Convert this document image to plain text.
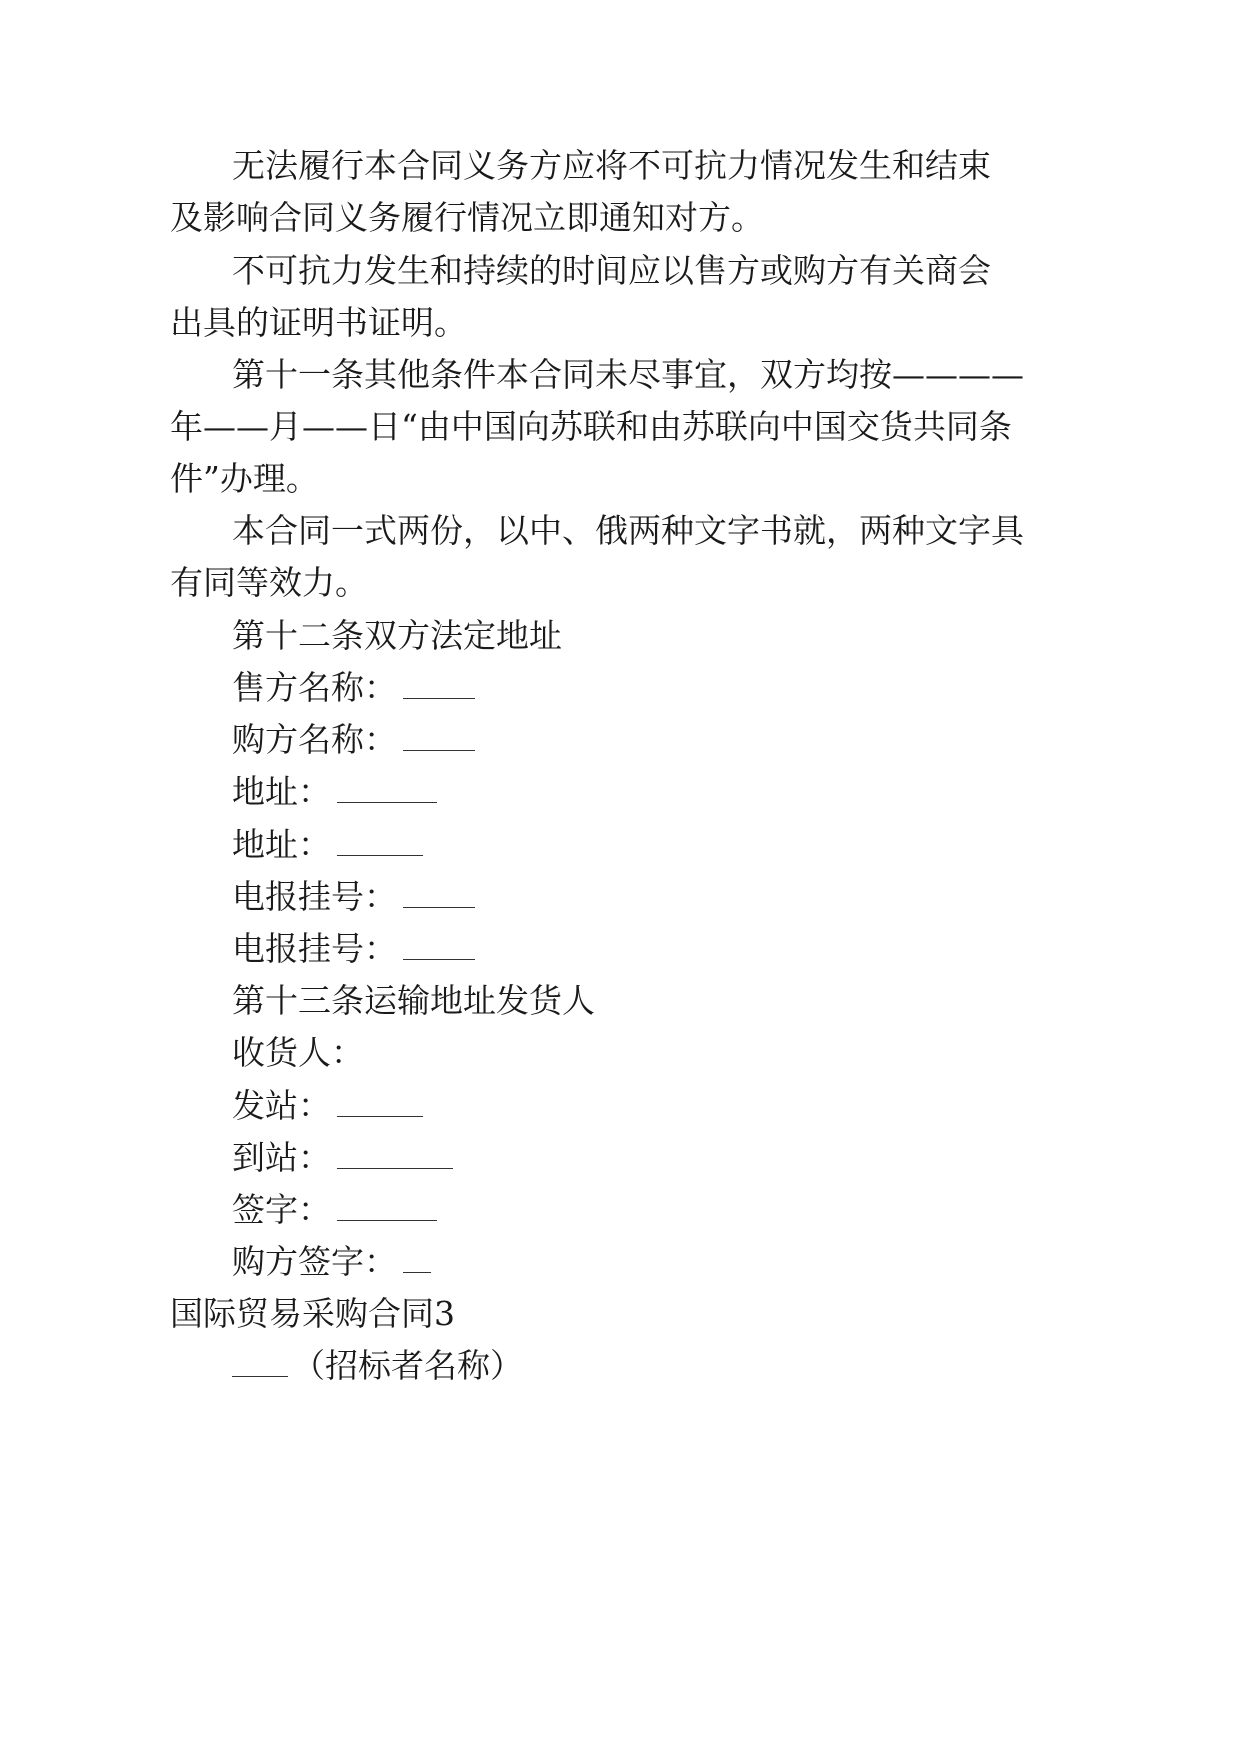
无法履行本合同义务方应将不可抗力情况发生和结束
及影响合同义务履行情况立即通知对方。
不可抗力发生和持续的时间应以售方或购方有关商会
出具的证明书证明。
第十一条其他条件本合同未尽事宜，双方均按————
年——月——日“由中国向苏联和由苏联向中国交货共同条
件”办理。
本合同一式两份，以中、俄两种文字书就，两种文字具
有同等效力。
第十二条双方法定地址
售方名称：
购方名称：
地址：
地址：
电报挂号：
电报挂号：
第十三条运输地址发货人
收货人：
发站：
到站：
签字：
购方签字：
国际贸易采购合同3
（招标者名称）
